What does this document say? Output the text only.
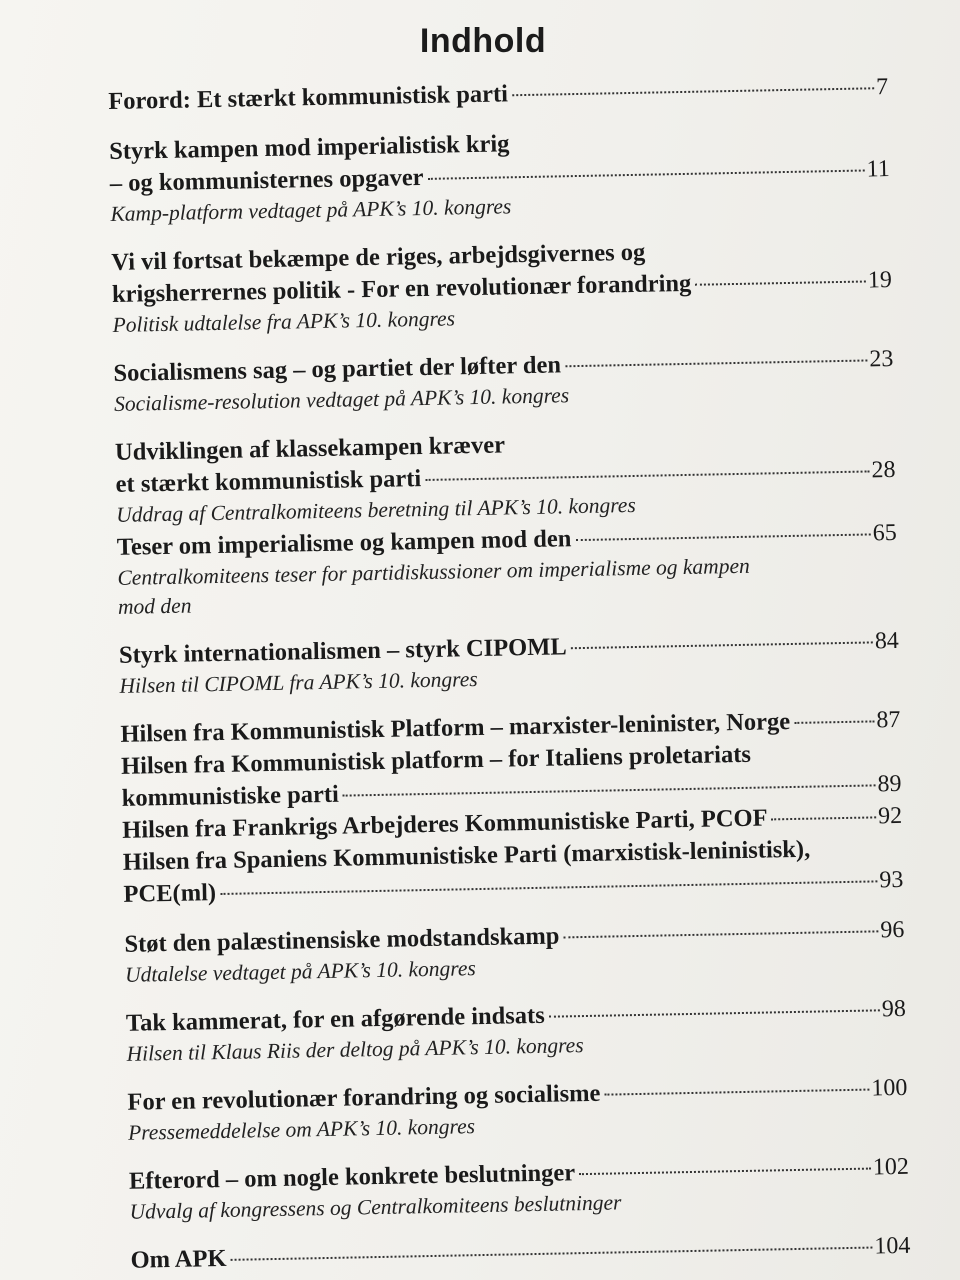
Indhold
Forord: Et stærkt kommunistisk parti	7
Styrk kampen mod imperialistisk krig
– og kommunisternes opgaver	11
Kamp-platform vedtaget på APK’s 10. kongres
Vi vil fortsat bekæmpe de riges, arbejdsgivernes og
krigsherrernes politik - For en revolutionær forandring	19
Politisk udtalelse fra APK’s 10. kongres
Socialismens sag – og partiet der løfter den	23
Socialisme-resolution vedtaget på APK’s 10. kongres
Udviklingen af klassekampen kræver
et stærkt kommunistisk parti	28
Uddrag af Centralkomiteens beretning til APK’s 10. kongres
Teser om imperialisme og kampen mod den	65
Centralkomiteens teser for partidiskussioner om imperialisme og kampen
mod den
Styrk internationalismen – styrk CIPOML	84
Hilsen til CIPOML fra APK’s 10. kongres
Hilsen fra Kommunistisk Platform – marxister-leninister, Norge	87
Hilsen fra Kommunistisk platform – for Italiens proletariats
kommunistiske parti	89
Hilsen fra Frankrigs Arbejderes Kommunistiske Parti, PCOF	92
Hilsen fra Spaniens Kommunistiske Parti (marxistisk-leninistisk),
PCE(ml)	93
Støt den palæstinensiske modstandskamp	96
Udtalelse vedtaget på APK’s 10. kongres
Tak kammerat, for en afgørende indsats	98
Hilsen til Klaus Riis der deltog på APK’s 10. kongres
For en revolutionær forandring og socialisme	100
Pressemeddelelse om APK’s 10. kongres
Efterord – om nogle konkrete beslutninger	102
Udvalg af kongressens og Centralkomiteens beslutninger
Om APK	104
